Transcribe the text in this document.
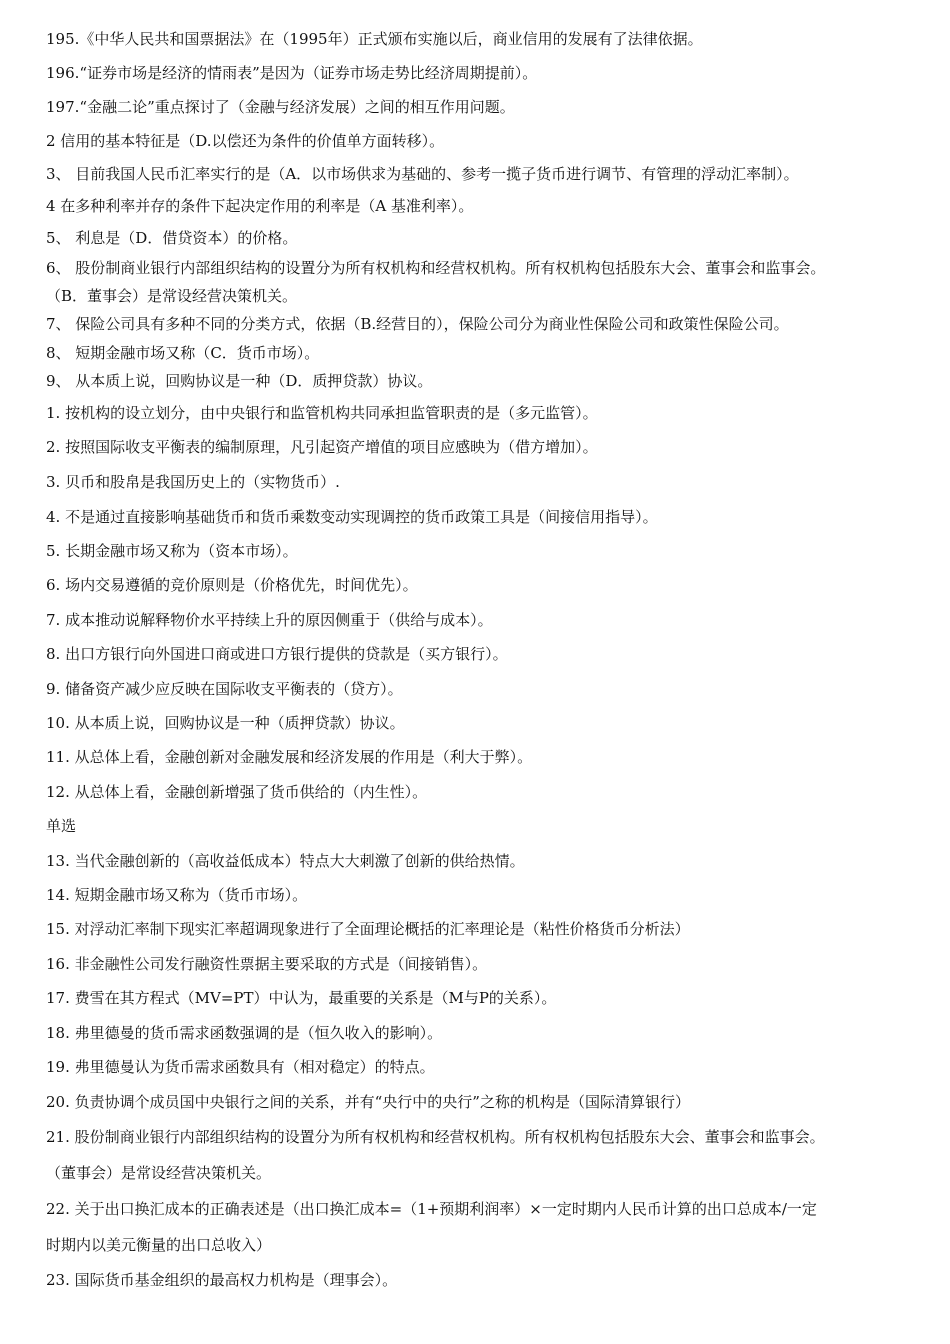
195.《中华人民共和国票据法》在（1995年）正式颁布实施以后，商业信用的发展有了法律依据。
196.“证券市场是经济的情雨表”是因为（证券市场走势比经济周期提前）。
197.“金融二论”重点探讨了（金融与经济发展）之间的相互作用问题。
2 信用的基本特征是（D.以偿还为条件的价值单方面转移）。
3、 目前我国人民币汇率实行的是（A．以市场供求为基础的、参考一揽子货币进行调节、有管理的浮动汇率制）。
4 在多种利率并存的条件下起决定作用的利率是（A 基准利率）。
5、 利息是（D．借贷资本）的价格。
6、 股份制商业银行内部组织结构的设置分为所有权机构和经营权机构。所有权机构包括股东大会、董事会和监事会。
（B．董事会）是常设经营决策机关。
7、 保险公司具有多种不同的分类方式，依据（B.经营目的），保险公司分为商业性保险公司和政策性保险公司。
8、 短期金融市场又称（C．货币市场）。
9、 从本质上说，回购协议是一种（D．质押贷款）协议。
1. 按机构的设立划分，由中央银行和监管机构共同承担监管职责的是（多元监管）。
2. 按照国际收支平衡表的编制原理，凡引起资产增值的项目应感映为（借方增加）。
3. 贝币和股帛是我国历史上的（实物货币）.
4. 不是通过直接影响基础货币和货币乘数变动实现调控的货币政策工具是（间接信用指导）。
5. 长期金融市场又称为（资本市场）。
6. 场内交易遵循的竞价原则是（价格优先，时间优先）。
7. 成本推动说解释物价水平持续上升的原因侧重于（供给与成本）。
8. 出口方银行向外国进口商或进口方银行提供的贷款是（买方银行）。
9. 储备资产减少应反映在国际收支平衡表的（贷方）。
10. 从本质上说，回购协议是一种（质押贷款）协议。
11. 从总体上看，金融创新对金融发展和经济发展的作用是（利大于弊）。
12. 从总体上看，金融创新增强了货币供给的（内生性）。
单选
13. 当代金融创新的（高收益低成本）特点大大刺激了创新的供给热情。
14. 短期金融市场又称为（货币市场）。
15. 对浮动汇率制下现实汇率超调现象进行了全面理论概括的汇率理论是（粘性价格货币分析法）
16. 非金融性公司发行融资性票据主要采取的方式是（间接销售）。
17. 费雪在其方程式（MV=PT）中认为，最重要的关系是（M与P的关系）。
18. 弗里德曼的货币需求函数强调的是（恒久收入的影响）。
19. 弗里德曼认为货币需求函数具有（相对稳定）的特点。
20. 负责协调个成员国中央银行之间的关系，并有“央行中的央行”之称的机构是（国际清算银行）
21. 股份制商业银行内部组织结构的设置分为所有权机构和经营权机构。所有权机构包括股东大会、董事会和监事会。
（董事会）是常设经营决策机关。
22. 关于出口换汇成本的正确表述是（出口换汇成本=（1+预期利润率）×一定时期内人民币计算的出口总成本/一定
时期内以美元衡量的出口总收入）
23. 国际货币基金组织的最高权力机构是（理事会）。
